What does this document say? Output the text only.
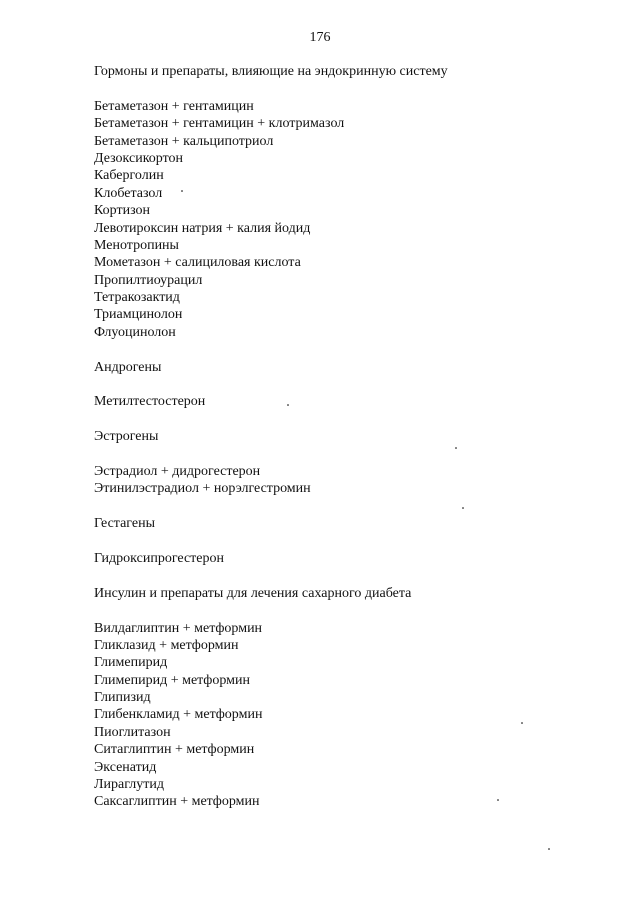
176
Гормоны и препараты, влияющие на эндокринную систему
Бетаметазон + гентамицин
Бетаметазон + гентамицин + клотримазол
Бетаметазон + кальципотриол
Дезоксикортон
Каберголин
Клобетазол
Кортизон
Левотироксин натрия + калия йодид
Менотропины
Мометазон + салициловая кислота
Пропилтиоурацил
Тетракозактид
Триамцинолон
Флуоцинолон
Андрогены
Метилтестостерон
Эстрогены
Эстрадиол + дидрогестерон
Этинилэстрадиол + норэлгестромин
Гестагены
Гидроксипрогестерон
Инсулин и препараты для лечения сахарного диабета
Вилдаглиптин + метформин
Гликлазид + метформин
Глимепирид
Глимепирид + метформин
Глипизид
Глибенкламид + метформин
Пиоглитазон
Ситаглиптин + метформин
Эксенатид
Лираглутид
Саксаглиптин + метформин
